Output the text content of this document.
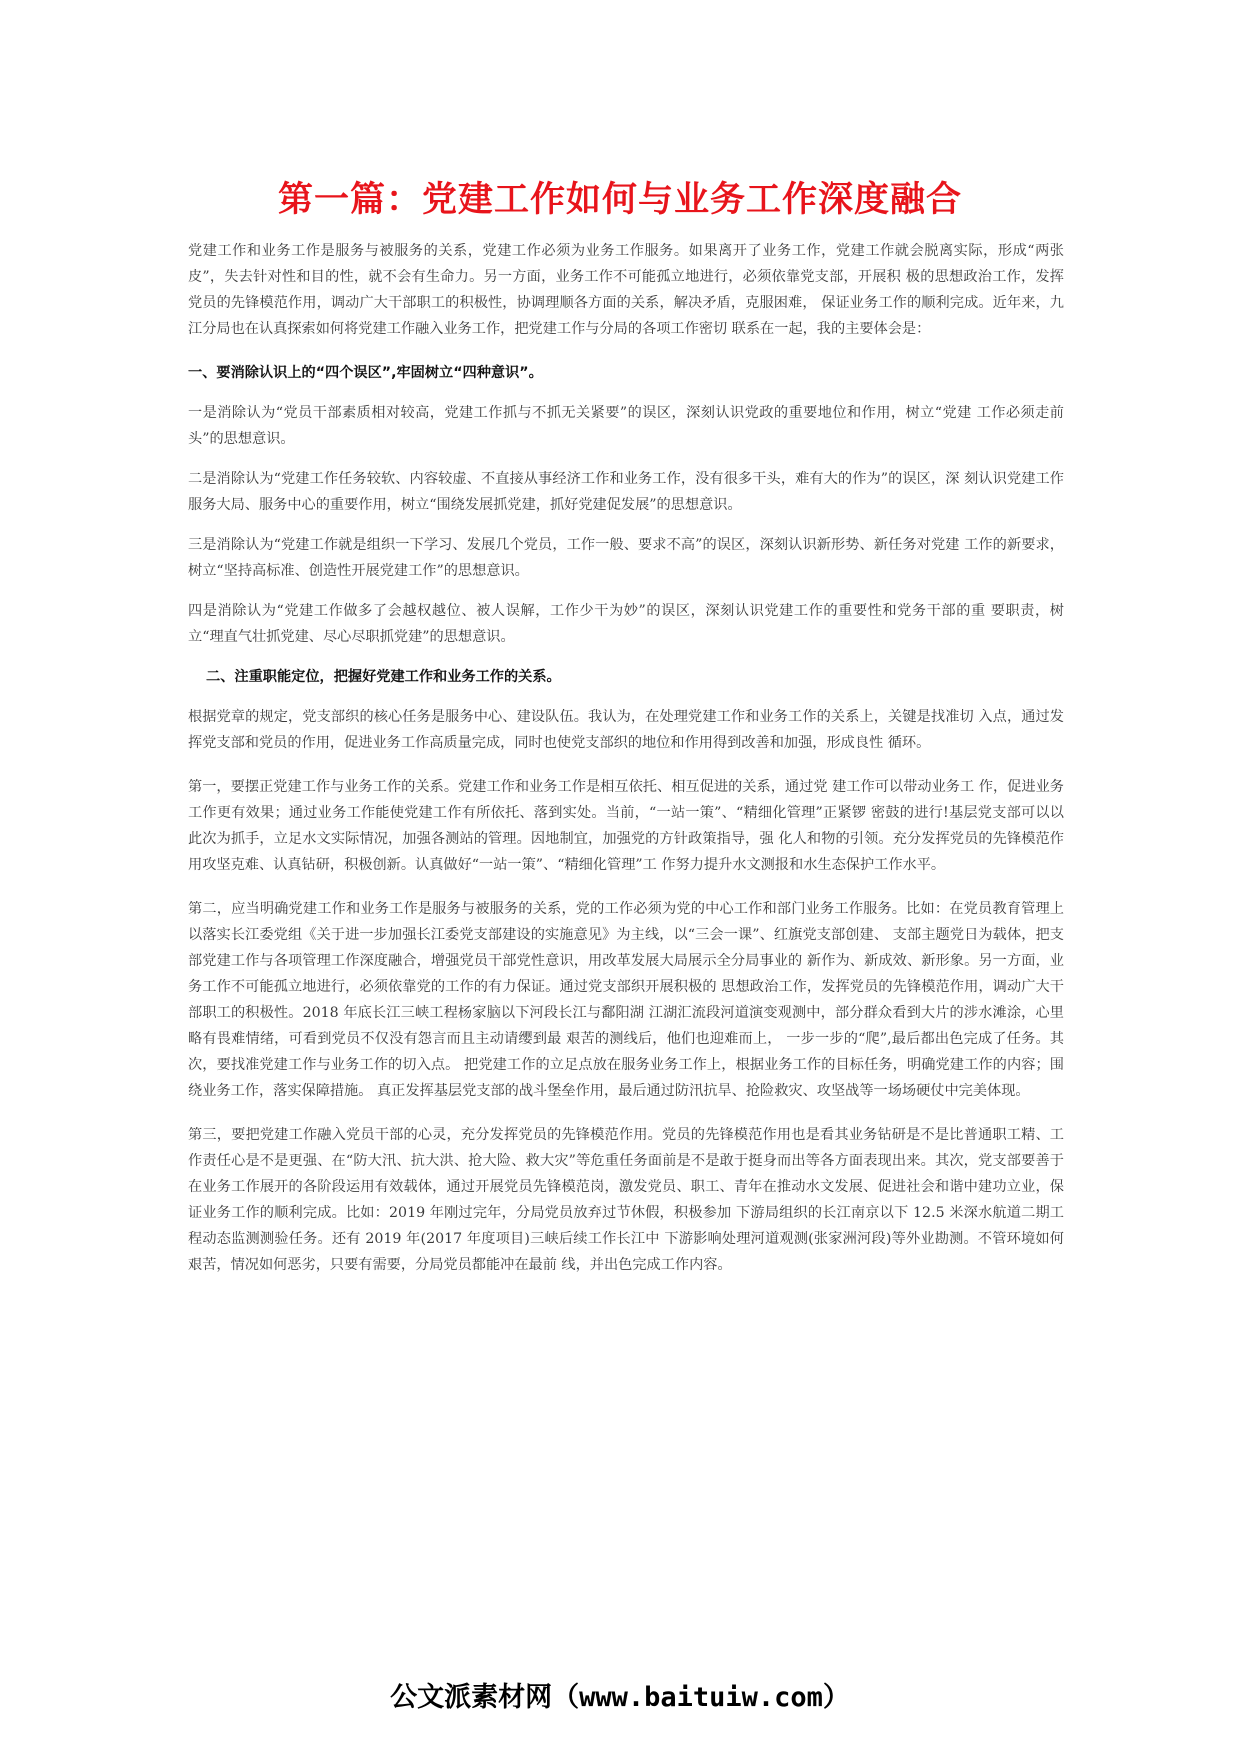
第一篇：党建工作如何与业务工作深度融合

党建工作和业务工作是服务与被服务的关系，党建工作必须为业务工作服务。如果离开了业务工作，党建工作就会脱离实际，形成“两张皮”，失去针对性和目的性，就不会有生命力。另一方面，业务工作不可能孤立地进行，必须依靠党支部，开展积 极的思想政治工作，发挥党员的先锋模范作用，调动广大干部职工的积极性，协调理顺各方面的关系，解决矛盾，克服困难， 保证业务工作的顺利完成。近年来，九江分局也在认真探索如何将党建工作融入业务工作，把党建工作与分局的各项工作密切 联系在一起，我的主要体会是：

一、要消除认识上的“四个误区”,牢固树立“四种意识”。

一是消除认为“党员干部素质相对较高，党建工作抓与不抓无关紧要”的误区，深刻认识党政的重要地位和作用，树立“党建 工作必须走前头”的思想意识。

二是消除认为“党建工作任务较软、内容较虚、不直接从事经济工作和业务工作，没有很多干头，难有大的作为”的误区，深 刻认识党建工作服务大局、服务中心的重要作用，树立“围绕发展抓党建，抓好党建促发展”的思想意识。

三是消除认为“党建工作就是组织一下学习、发展几个党员，工作一般、要求不高”的误区，深刻认识新形势、新任务对党建 工作的新要求，树立“坚持高标准、创造性开展党建工作”的思想意识。

四是消除认为“党建工作做多了会越权越位、被人误解，工作少干为妙”的误区，深刻认识党建工作的重要性和党务干部的重 要职责，树立“理直气壮抓党建、尽心尽职抓党建”的思想意识。

二、注重职能定位，把握好党建工作和业务工作的关系。

根据党章的规定，党支部织的核心任务是服务中心、建设队伍。我认为，在处理党建工作和业务工作的关系上，关键是找准切 入点，通过发挥党支部和党员的作用，促进业务工作高质量完成，同时也使党支部织的地位和作用得到改善和加强，形成良性 循环。

第一，要摆正党建工作与业务工作的关系。党建工作和业务工作是相互依托、相互促进的关系，通过党 建工作可以带动业务工 作，促进业务工作更有效果；通过业务工作能使党建工作有所依托、落到实处。当前，“一站一策”、“精细化管理”正紧锣 密鼓的进行!基层党支部可以以此次为抓手，立足水文实际情况，加强各测站的管理。因地制宜，加强党的方针政策指导，强 化人和物的引领。充分发挥党员的先锋模范作用攻坚克难、认真钻研，积极创新。认真做好“一站一策”、“精细化管理”工 作努力提升水文测报和水生态保护工作水平。

第二，应当明确党建工作和业务工作是服务与被服务的关系，党的工作必须为党的中心工作和部门业务工作服务。比如：在党员教育管理上以落实长江委党组《关于进一步加强长江委党支部建设的实施意见》为主线，以“三会一课”、红旗党支部创建、 支部主题党日为载体，把支部党建工作与各项管理工作深度融合，增强党员干部党性意识，用改革发展大局展示全分局事业的 新作为、新成效、新形象。另一方面，业务工作不可能孤立地进行，必须依靠党的工作的有力保证。通过党支部织开展积极的 思想政治工作，发挥党员的先锋模范作用，调动广大干部职工的积极性。2018 年底长江三峡工程杨家脑以下河段长江与鄱阳湖 江湖汇流段河道演变观测中，部分群众看到大片的涉水滩涂，心里略有畏难情绪，可看到党员不仅没有怨言而且主动请缨到最 艰苦的测线后，他们也迎难而上， 一步一步的“爬”,最后都出色完成了任务。其次，要找准党建工作与业务工作的切入点。 把党建工作的立足点放在服务业务工作上，根据业务工作的目标任务，明确党建工作的内容；围绕业务工作，落实保障措施。 真正发挥基层党支部的战斗堡垒作用，最后通过防汛抗旱、抢险救灾、攻坚战等一场场硬仗中完美体现。

第三，要把党建工作融入党员干部的心灵，充分发挥党员的先锋模范作用。党员的先锋模范作用也是看其业务钻研是不是比普通职工精、工作责任心是不是更强、在“防大汛、抗大洪、抢大险、救大灾”等危重任务面前是不是敢于挺身而出等各方面表现出来。其次，党支部要善于在业务工作展开的各阶段运用有效载体，通过开展党员先锋模范岗，激发党员、职工、青年在推动水文发展、促进社会和谐中建功立业，保证业务工作的顺利完成。比如：2019 年刚过完年，分局党员放弃过节休假，积极参加 下游局组织的长江南京以下 12.5 米深水航道二期工程动态监测测验任务。还有 2019 年(2017 年度项目)三峡后续工作长江中 下游影响处理河道观测(张家洲河段)等外业勘测。不管环境如何艰苦，情况如何恶劣，只要有需要，分局党员都能冲在最前 线，并出色完成工作内容。

公文派素材网（www.baituiw.com）
